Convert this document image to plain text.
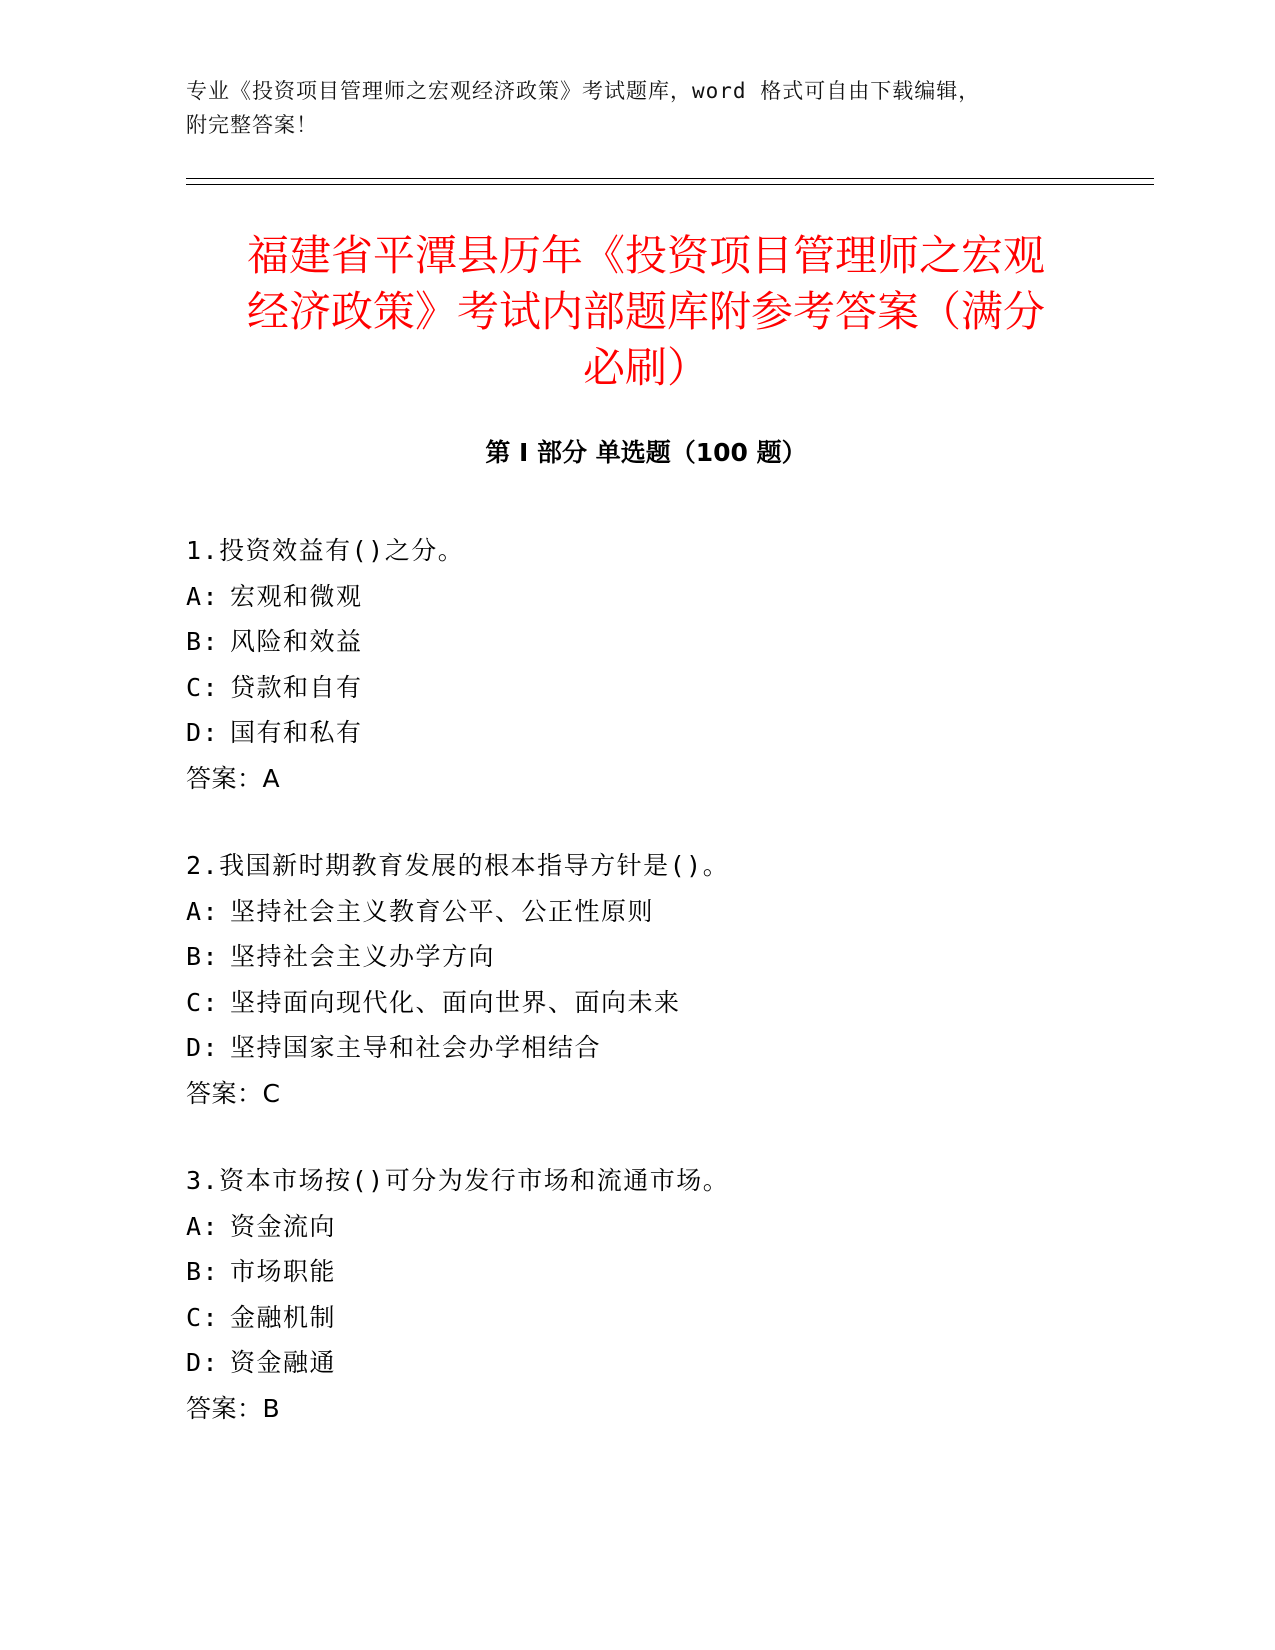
专业《投资项目管理师之宏观经济政策》考试题库，word 格式可自由下载编辑，
附完整答案！
福建省平潭县历年《投资项目管理师之宏观
经济政策》考试内部题库附参考答案（满分
必刷）
第 I 部分 单选题（100 题）
1.投资效益有()之分。
A: 宏观和微观
B: 风险和效益
C: 贷款和自有
D: 国有和私有
答案：A
2.我国新时期教育发展的根本指导方针是()。
A: 坚持社会主义教育公平、公正性原则
B: 坚持社会主义办学方向
C: 坚持面向现代化、面向世界、面向未来
D: 坚持国家主导和社会办学相结合
答案：C
3.资本市场按()可分为发行市场和流通市场。
A: 资金流向
B: 市场职能
C: 金融机制
D: 资金融通
答案：B
